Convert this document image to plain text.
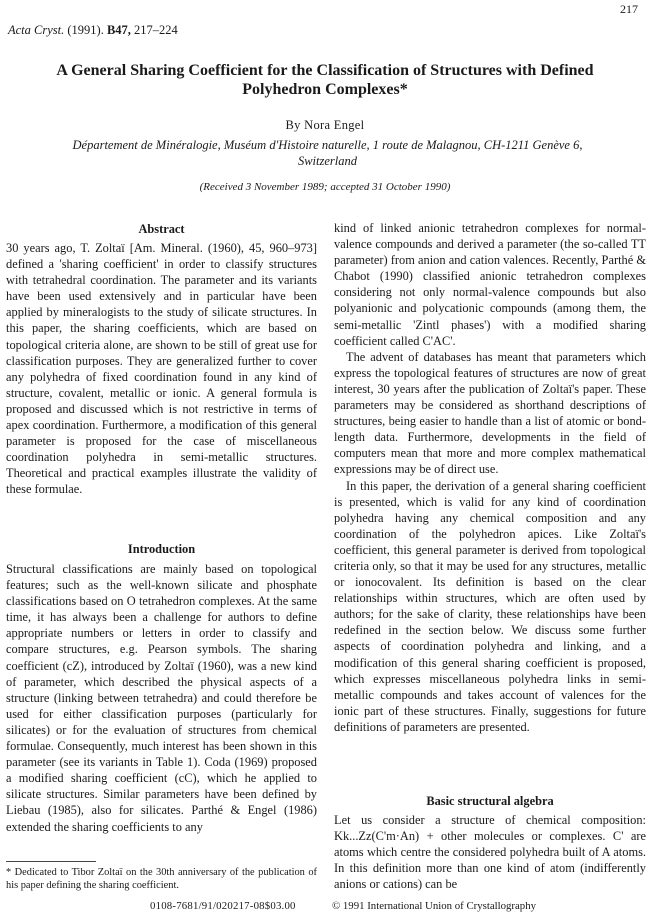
217
Acta Cryst. (1991). B47, 217–224
A General Sharing Coefficient for the Classification of Structures with Defined Polyhedron Complexes*
By Nora Engel
Département de Minéralogie, Muséum d'Histoire naturelle, 1 route de Malagnou, CH-1211 Genève 6, Switzerland
(Received 3 November 1989; accepted 31 October 1990)
Abstract

30 years ago, T. Zoltaï [Am. Mineral. (1960), 45, 960–973] defined a 'sharing coefficient' in order to classify structures with tetrahedral coordination. The parameter and its variants have been used extensively and in particular have been applied by mineralogists to the study of silicate structures. In this paper, the sharing coefficients, which are based on topological criteria alone, are shown to be still of great use for classification purposes. They are generalized further to cover any polyhedra of fixed coordination found in any kind of structure, covalent, metallic or ionic. A general formula is proposed and discussed which is not restrictive in terms of apex coordination. Furthermore, a modification of this general parameter is proposed for the case of miscellaneous coordination polyhedra in semi-metallic structures. Theoretical and practical examples illustrate the validity of these formulae.

Introduction

Structural classifications are mainly based on topological features; such as the well-known silicate and phosphate classifications based on O tetrahedron complexes. At the same time, it has always been a challenge for authors to define appropriate numbers or letters in order to classify and compare structures, e.g. Pearson symbols. The sharing coefficient (cZ), introduced by Zoltaï (1960), was a new kind of parameter, which described the physical aspects of a structure (linking between tetrahedra) and could therefore be used for either classification purposes (particularly for silicates) or for the evaluation of structures from chemical formulae. Consequently, much interest has been shown in this parameter (see its variants in Table 1). Coda (1969) proposed a modified sharing coefficient (cC), which he applied to silicate structures. Similar parameters have been defined by Liebau (1985), also for silicates. Parthé & Engel (1986) extended the sharing coefficients to any

* Dedicated to Tibor Zoltaï on the 30th anniversary of the publication of his paper defining the sharing coefficient.

kind of linked anionic tetrahedron complexes for normal-valence compounds and derived a parameter (the so-called TT parameter) from anion and cation valences. Recently, Parthé & Chabot (1990) classified anionic tetrahedron complexes considering not only normal-valence compounds but also polyanionic and polycationic compounds (among them, the semi-metallic 'Zintl phases') with a modified sharing coefficient called C'AC'.

The advent of databases has meant that parameters which express the topological features of structures are now of great interest, 30 years after the publication of Zoltaï's paper. These parameters may be considered as shorthand descriptions of structures, being easier to handle than a list of atomic or bond-length data. Furthermore, developments in the field of computers mean that more and more complex mathematical expressions may be of direct use.

In this paper, the derivation of a general sharing coefficient is presented, which is valid for any kind of coordination polyhedra having any chemical composition and any coordination of the polyhedron apices. Like Zoltaï's coefficient, this general parameter is derived from topological criteria only, so that it may be used for any structures, metallic or ionocovalent. Its definition is based on the clear relationships within structures, which are often used by authors; for the sake of clarity, these relationships have been redefined in the section below. We discuss some further aspects of coordination polyhedra and linking, and a modification of this general sharing coefficient is proposed, which expresses miscellaneous polyhedra links in semi-metallic compounds and takes account of valences for the ionic part of these structures. Finally, suggestions for future definitions of parameters are presented.

Basic structural algebra

Let us consider a structure of chemical composition: Kk...Zz(C'm·An) + other molecules or complexes. C' are atoms which centre the considered polyhedra built of A atoms. In this definition more than one kind of atom (indifferently anions or cations) can be

0108-7681/91/020217-08$03.00	© 1991 International Union of Crystallography
